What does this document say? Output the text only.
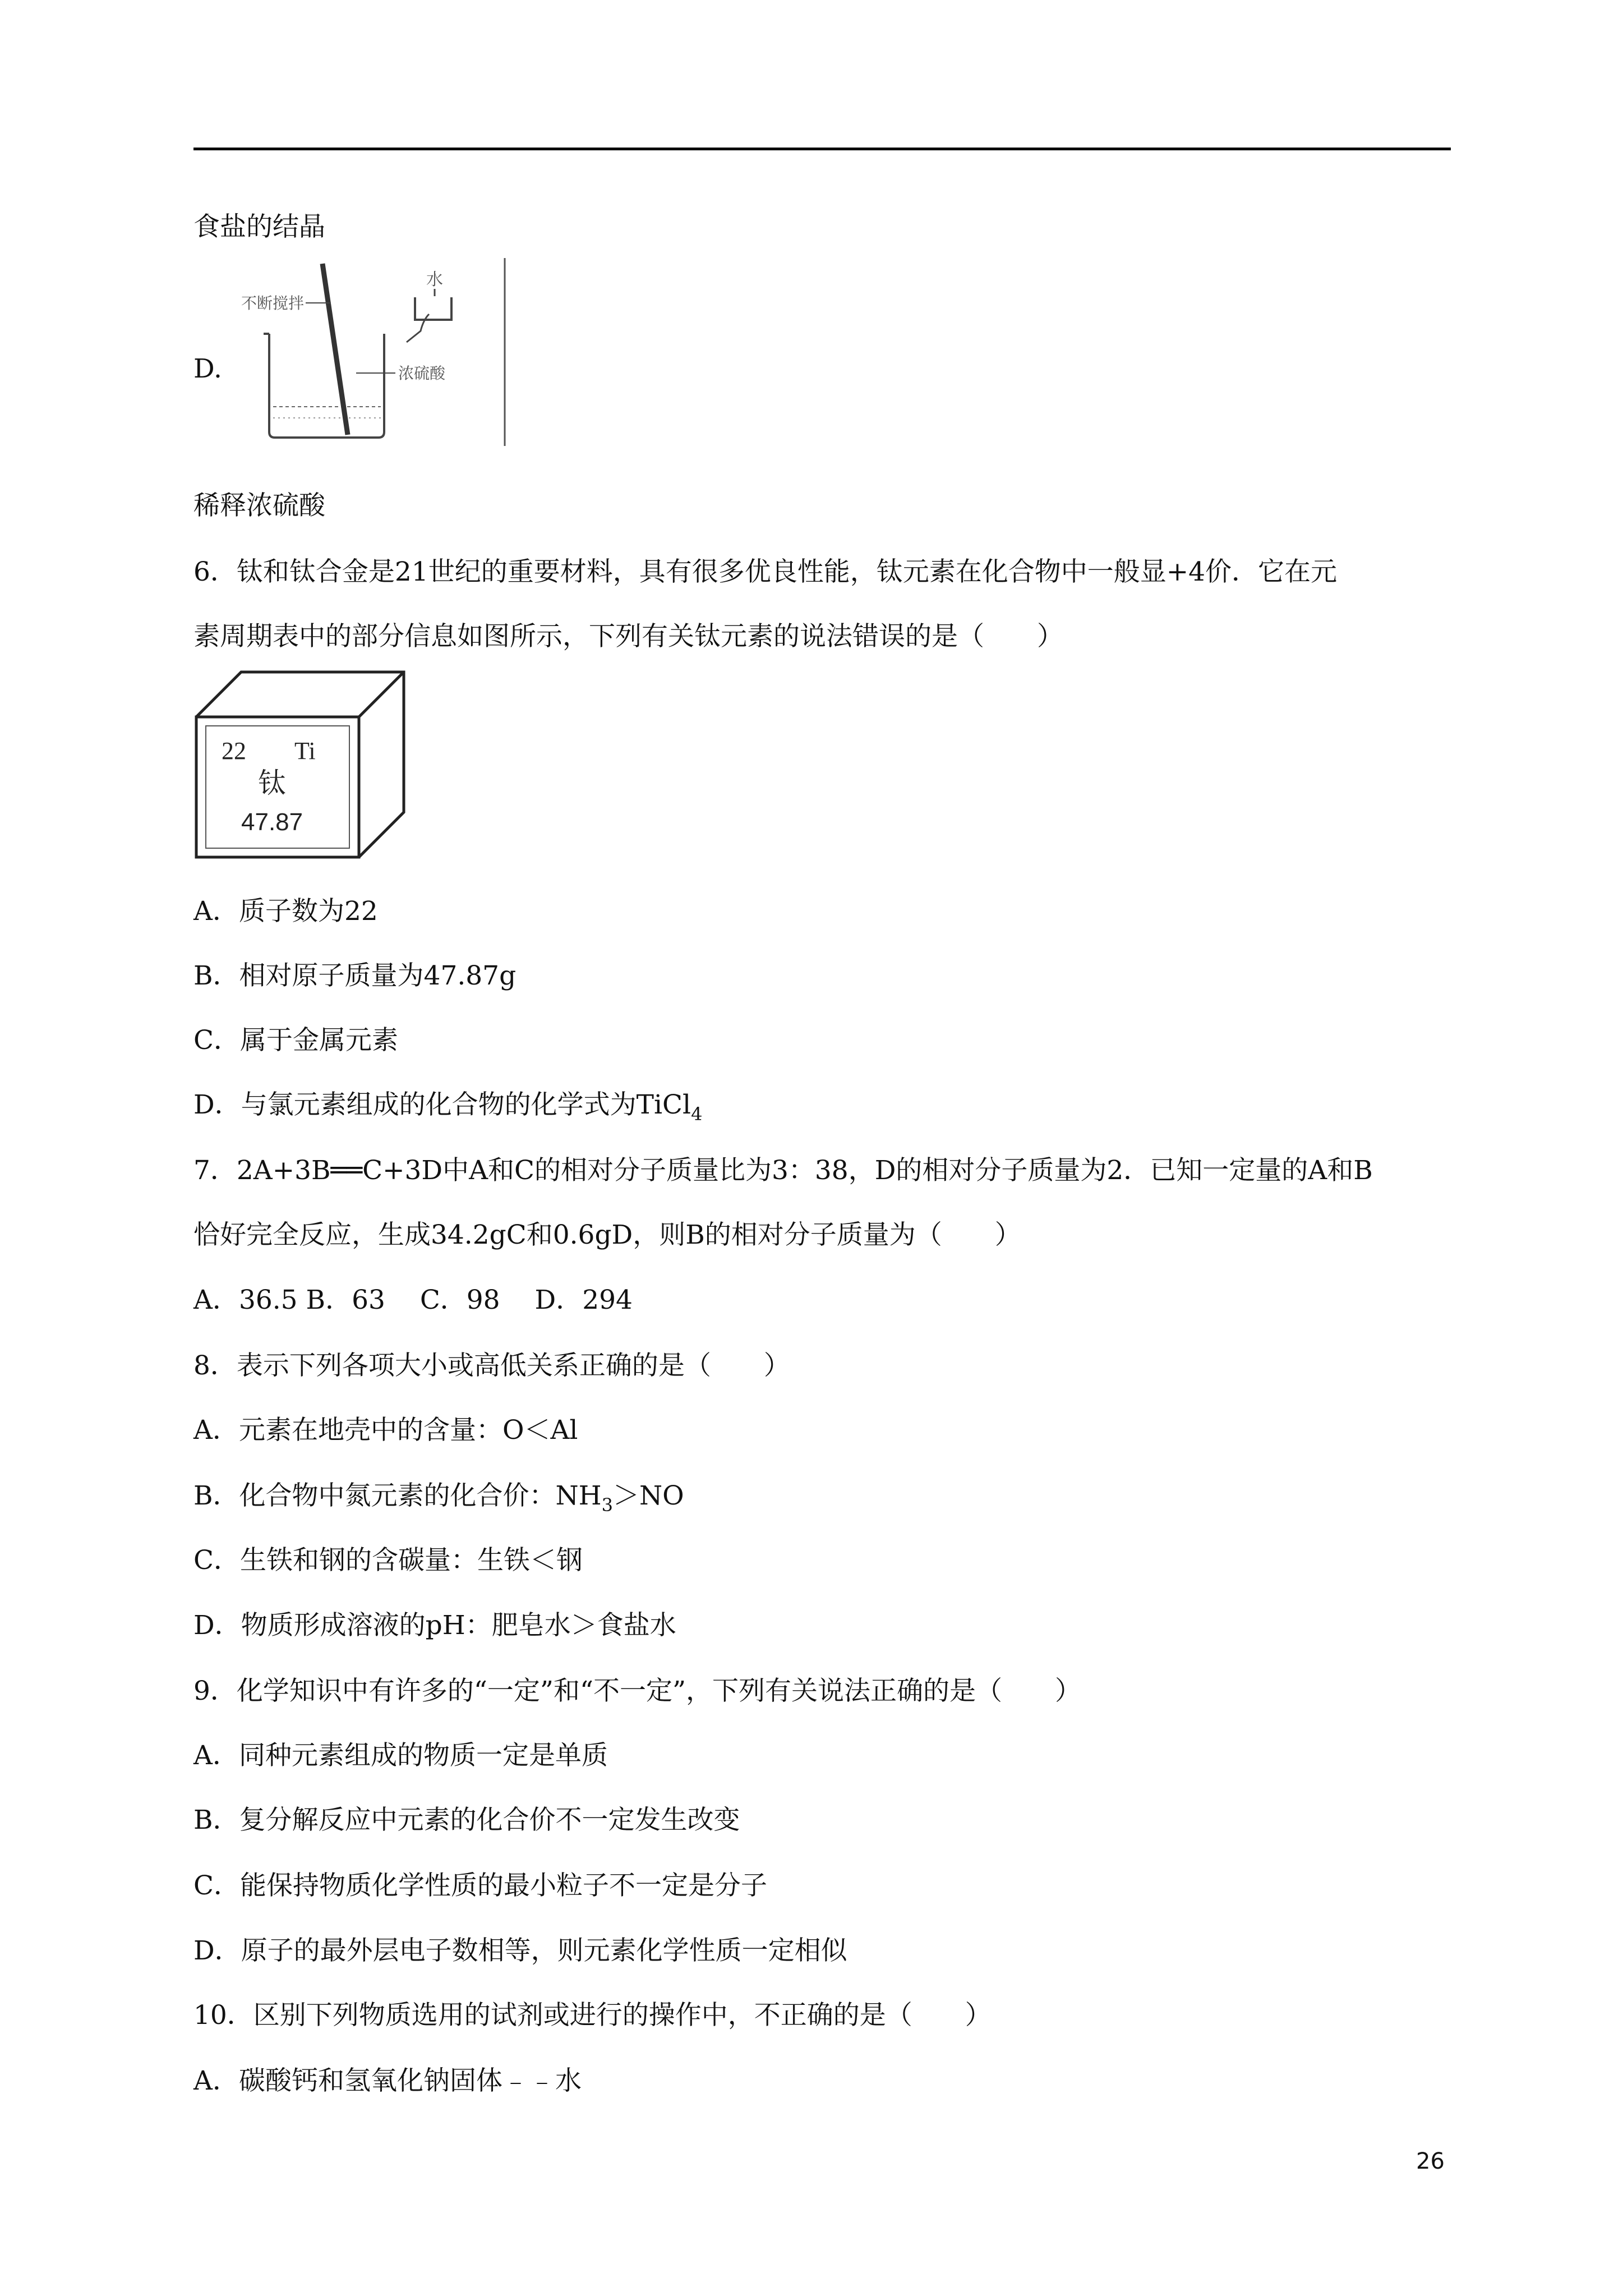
食盐的结晶
D.
不断搅拌
水
浓硫酸
稀释浓硫酸
6．钛和钛合金是21世纪的重要材料，具有很多优良性能，钛元素在化合物中一般显+4价．它在元
素周期表中的部分信息如图所示，下列有关钛元素的说法错误的是（　　）
22 Ti
钛
47.87
A．质子数为22
B．相对原子质量为47.87g
C．属于金属元素
D．与氯元素组成的化合物的化学式为TiCl$_4$
7．2A+3B══C+3D中A和C的相对分子质量比为3：38，D的相对分子质量为2．已知一定量的A和B
恰好完全反应，生成34.2gC和0.6gD，则B的相对分子质量为（　　）
A．36.5 B．63　 C．98　 D．294
8．表示下列各项大小或高低关系正确的是（　　）
A．元素在地壳中的含量：O＜Al
B．化合物中氮元素的化合价：$NH_3>NO$
C．生铁和钢的含碳量：生铁＜钢
D．物质形成溶液的pH：肥皂水＞食盐水
9．化学知识中有许多的“一定”和“不一定”，下列有关说法正确的是（　　）
A．同种元素组成的物质一定是单质
B．复分解反应中元素的化合价不一定发生改变
C．能保持物质化学性质的最小粒子不一定是分子
D．原子的最外层电子数相等，则元素化学性质一定相似
10．区别下列物质选用的试剂或进行的操作中，不正确的是（　　）
A．碳酸钙和氢氧化钠固体﹣﹣水
26
